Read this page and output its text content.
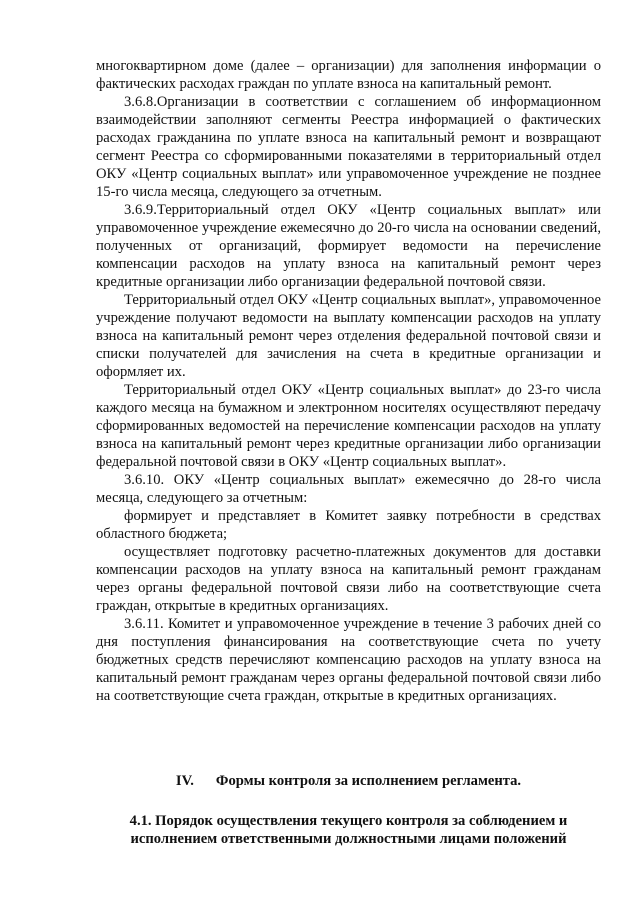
многоквартирном доме (далее – организации) для заполнения информации о фактических расходах граждан по уплате взноса на капитальный ремонт.

3.6.8.Организации в соответствии с соглашением об информационном взаимодействии заполняют сегменты Реестра информацией о фактических расходах гражданина по уплате взноса на капитальный ремонт и возвращают сегмент Реестра со сформированными показателями в территориальный отдел ОКУ «Центр социальных выплат» или управомоченное учреждение не позднее 15-го числа месяца, следующего за отчетным.

3.6.9.Территориальный отдел ОКУ «Центр социальных выплат» или управомоченное учреждение ежемесячно до 20-го числа на основании сведений, полученных от организаций, формирует ведомости на перечисление компенсации расходов на уплату взноса на капитальный ремонт через кредитные организации либо организации федеральной почтовой связи.

Территориальный отдел ОКУ «Центр социальных выплат», управомоченное учреждение получают ведомости на выплату компенсации расходов на уплату взноса на капитальный ремонт через отделения федеральной почтовой связи и списки получателей для зачисления на счета в кредитные организации и оформляет их.

Территориальный отдел ОКУ «Центр социальных выплат» до 23-го числа каждого месяца на бумажном и электронном носителях осуществляют передачу сформированных ведомостей на перечисление компенсации расходов на уплату взноса на капитальный ремонт через кредитные организации либо организации федеральной почтовой связи в ОКУ «Центр социальных выплат».

3.6.10. ОКУ «Центр социальных выплат» ежемесячно до 28-го числа месяца, следующего за отчетным:

формирует и представляет в Комитет заявку потребности в средствах областного бюджета;

осуществляет подготовку расчетно-платежных документов для доставки компенсации расходов на уплату взноса на капитальный ремонт гражданам через органы федеральной почтовой связи либо на соответствующие счета граждан, открытые в кредитных организациях.

3.6.11. Комитет и управомоченное учреждение в течение 3 рабочих дней со дня поступления финансирования на соответствующие счета по учету бюджетных средств перечисляют компенсацию расходов на уплату взноса на капитальный ремонт гражданам через органы федеральной почтовой связи либо на соответствующие счета граждан, открытые в кредитных организациях.

IV. Формы контроля за исполнением регламента.
4.1. Порядок осуществления текущего контроля за соблюдением и исполнением ответственными должностными лицами положений
